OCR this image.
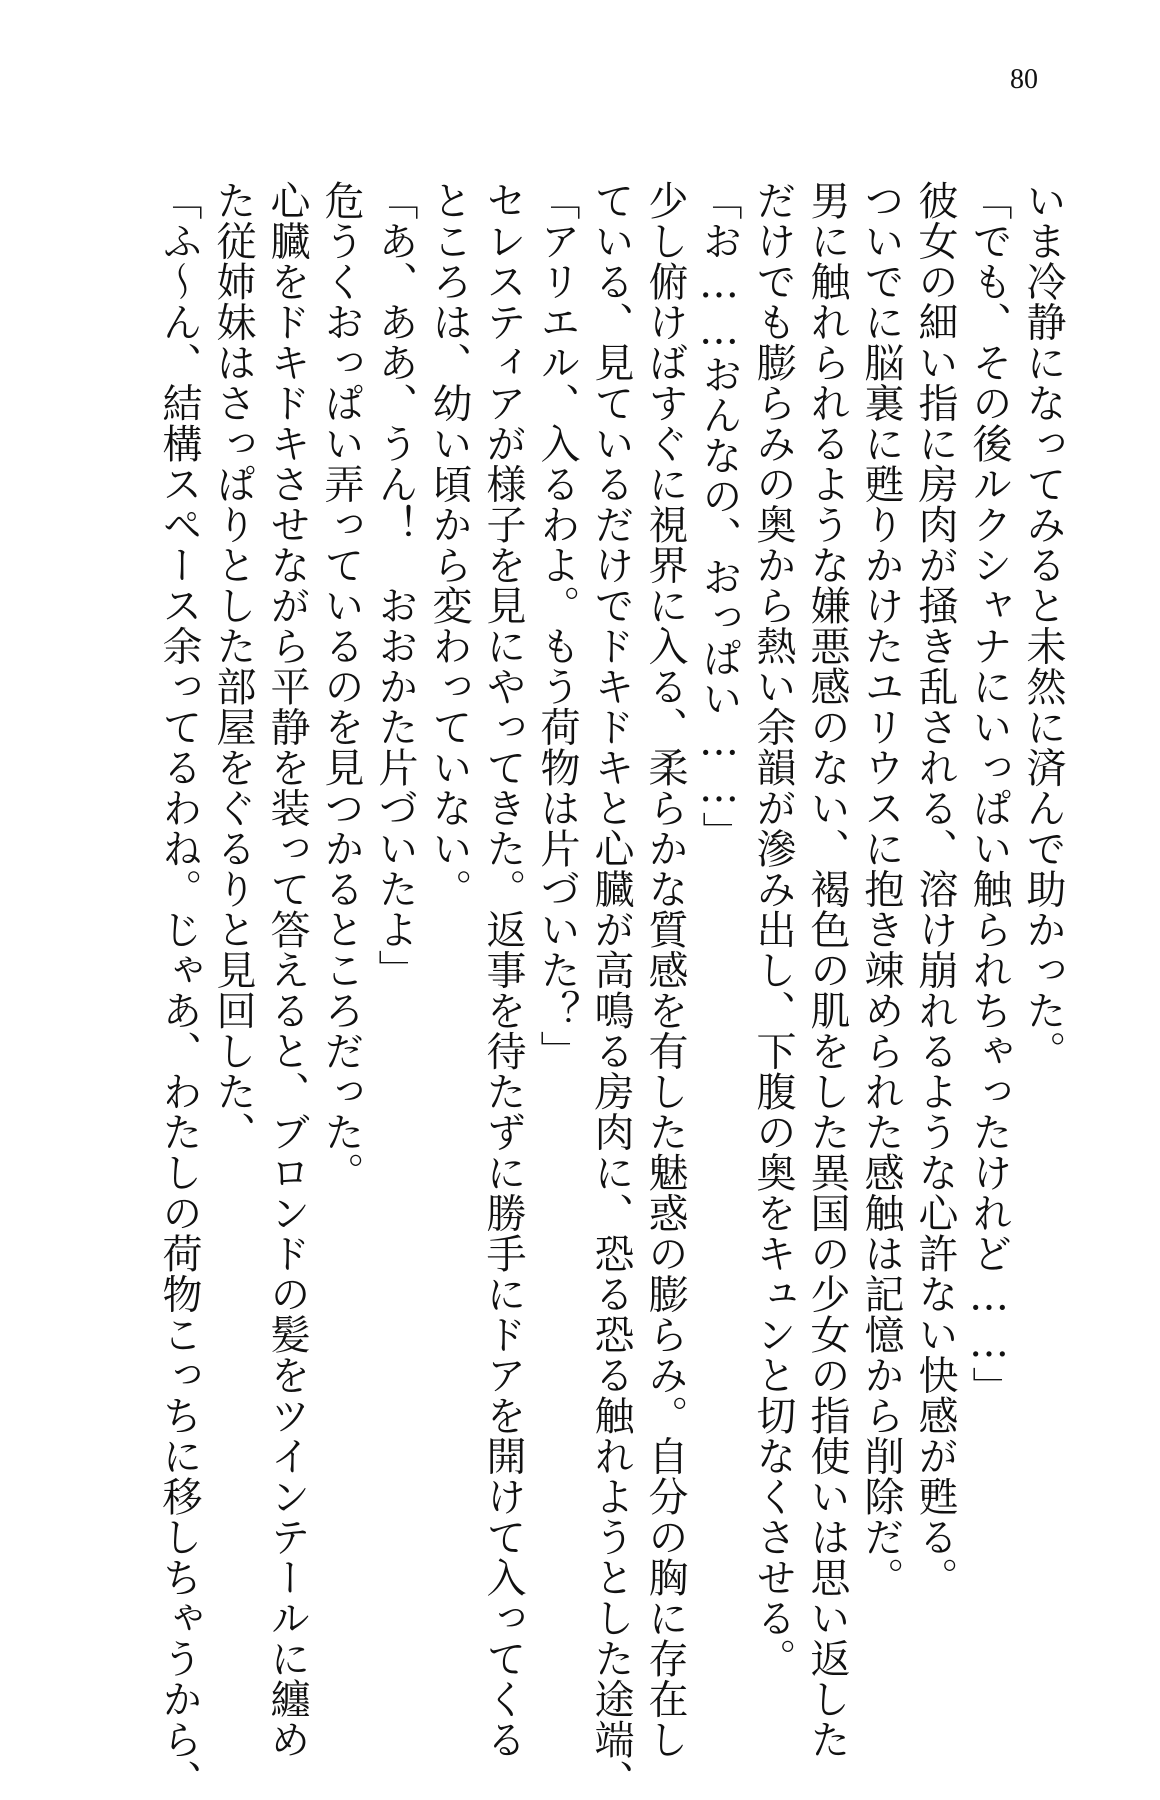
80

いま冷静になってみると未然に済んで助かった。

「でも、その後ルクシャナにいっぱい触られちゃったけれど……」

彼女の細い指に房肉が掻き乱される、溶け崩れるような心許ない快感が甦る。

ついでに脳裏に甦りかけたユリウスに抱き竦められた感触は記憶から削除だ。

男に触れられるような嫌悪感のない、褐色の肌をした異国の少女の指使いは思い返した

だけでも膨らみの奥から熱い余韻が滲み出し、下腹の奥をキュンと切なくさせる。

「お……おんなの、おっぱい……」

少し俯けばすぐに視界に入る、柔らかな質感を有した魅惑の膨らみ。自分の胸に存在し

ている、見ているだけでドキドキと心臓が高鳴る房肉に、恐る恐る触れようとした途端、

「アリエル、入るわよ。もう荷物は片づいた？」

セレスティアが様子を見にやってきた。返事を待たずに勝手にドアを開けて入ってくる

ところは、幼い頃から変わっていない。

「あ、ああ、うん！　おおかた片づいたよ」

危うくおっぱい弄っているのを見つかるところだった。

心臓をドキドキさせながら平静を装って答えると、ブロンドの髪をツインテールに纏め

た従姉妹はさっぱりとした部屋をぐるりと見回した、

「ふ～ん、結構スペース余ってるわね。じゃあ、わたしの荷物こっちに移しちゃうから、
